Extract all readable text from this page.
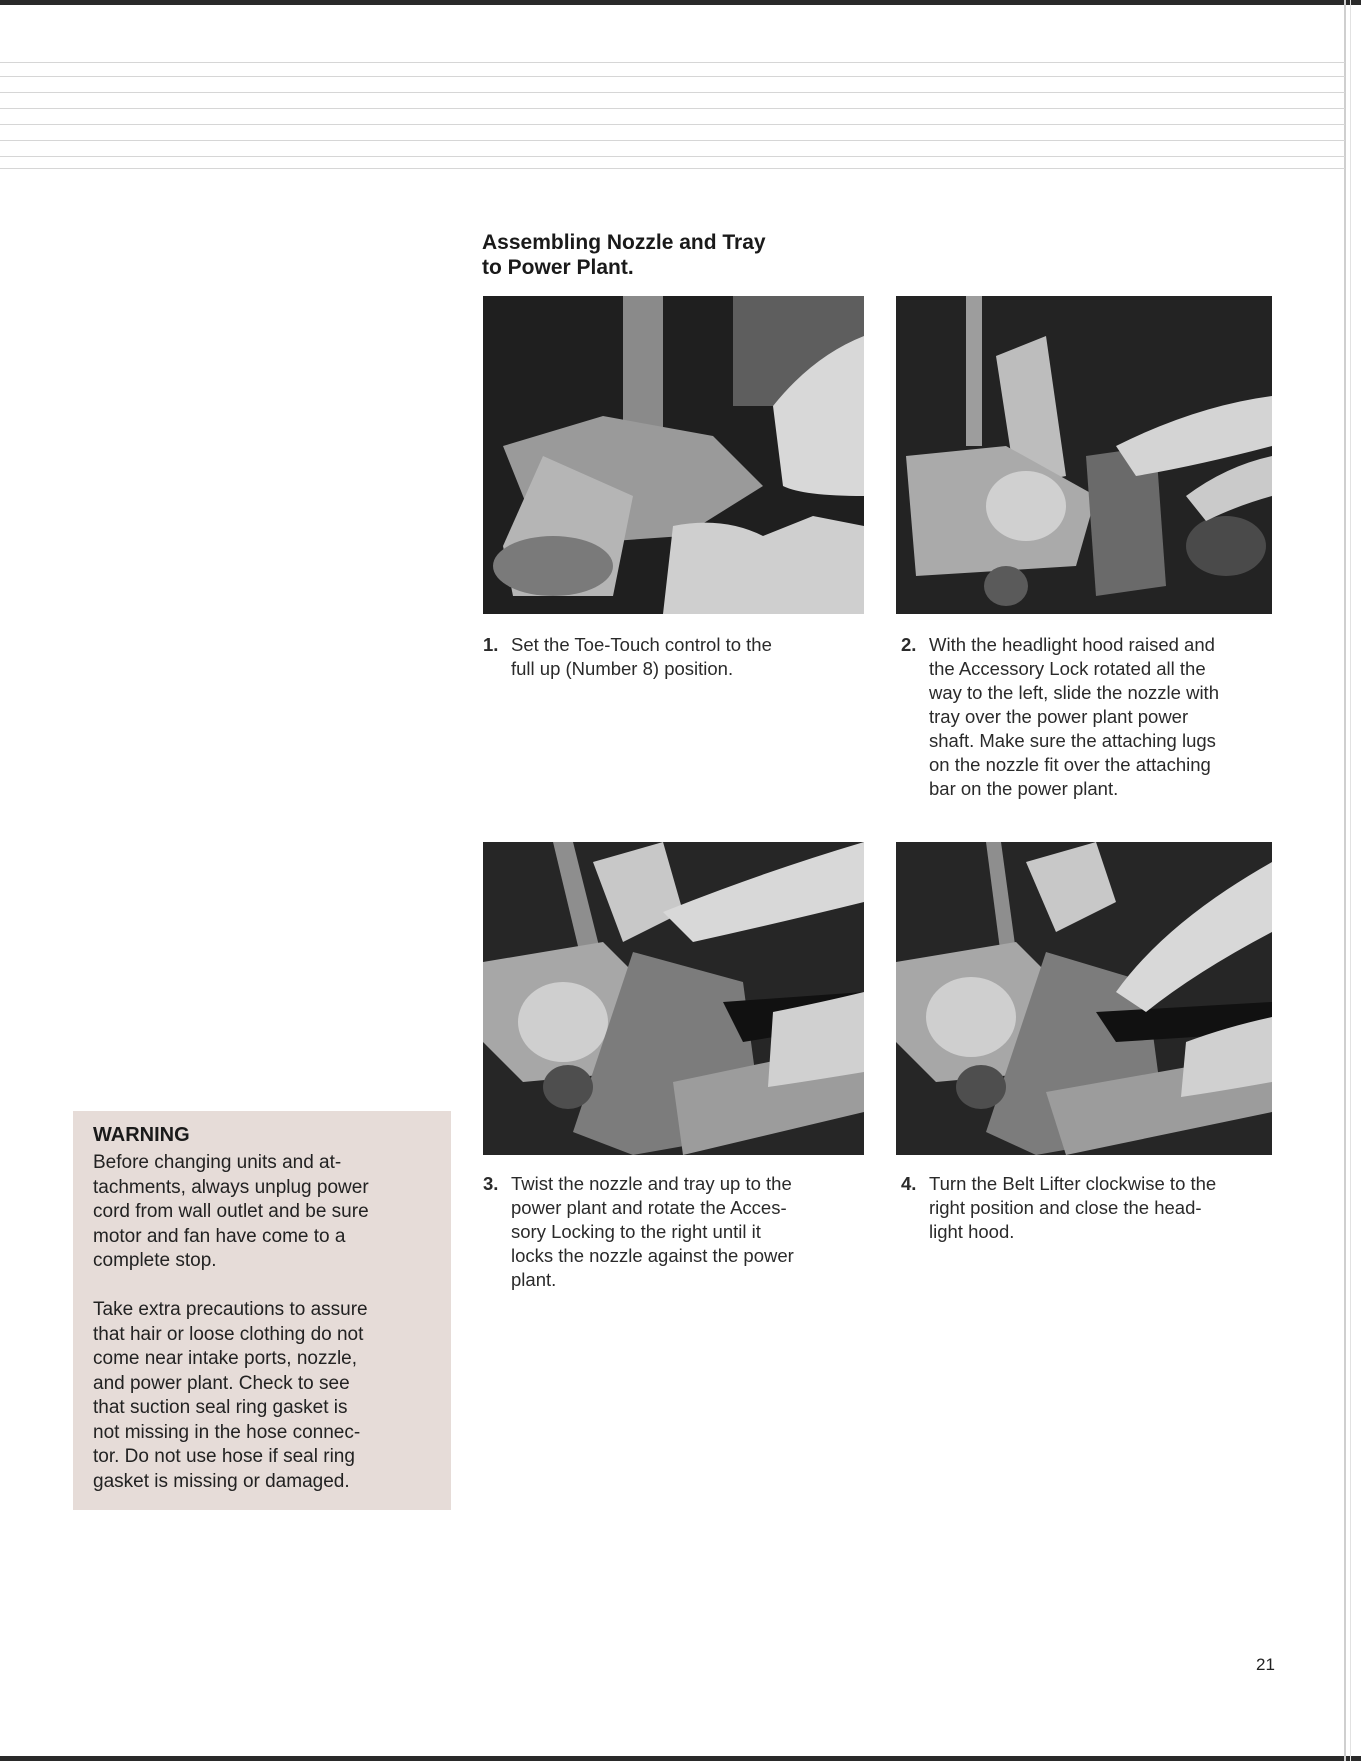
Assembling Nozzle and Tray
to Power Plant.
1. Set the Toe-Touch control to the
full up (Number 8) position.
2. With the headlight hood raised and
the Accessory Lock rotated all the
way to the left, slide the nozzle with
tray over the power plant power
shaft. Make sure the attaching lugs
on the nozzle fit over the attaching
bar on the power plant.
3. Twist the nozzle and tray up to the
power plant and rotate the Acces-
sory Locking to the right until it
locks the nozzle against the power
plant.
4. Turn the Belt Lifter clockwise to the
right position and close the head-
light hood.
WARNING
Before changing units and at-
tachments, always unplug power
cord from wall outlet and be sure
motor and fan have come to a
complete stop.
Take extra precautions to assure
that hair or loose clothing do not
come near intake ports, nozzle,
and power plant. Check to see
that suction seal ring gasket is
not missing in the hose connec-
tor. Do not use hose if seal ring
gasket is missing or damaged.
21
